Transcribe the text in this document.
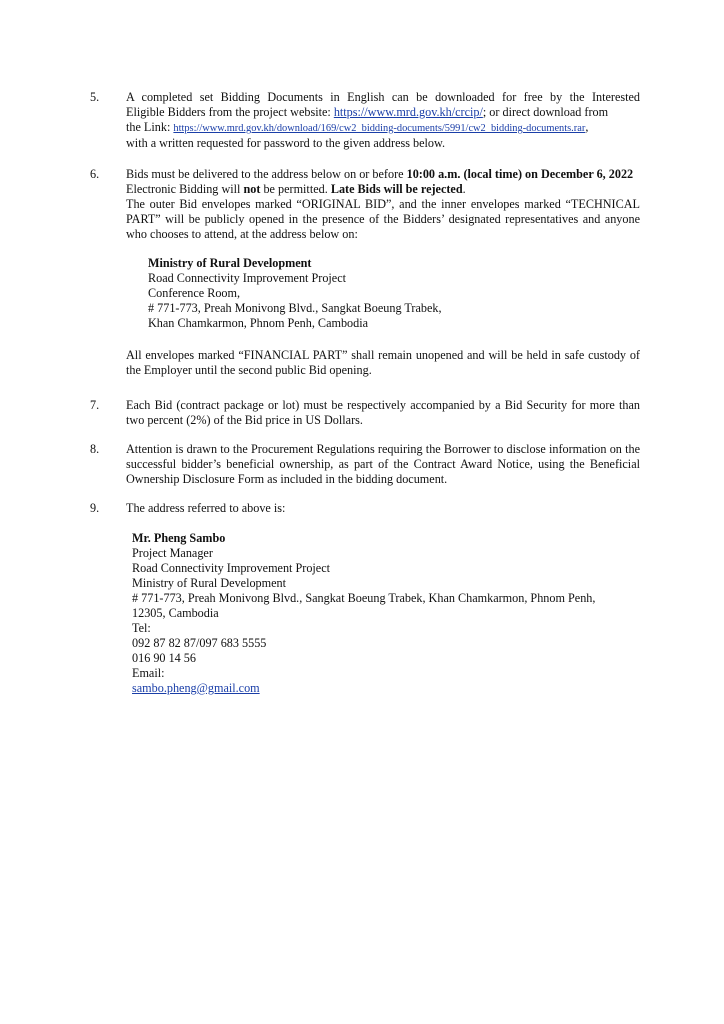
5.	A completed set Bidding Documents in English can be downloaded for free by the Interested
Eligible Bidders from the project website: https://www.mrd.gov.kh/crcip/; or direct download from
the Link: https://www.mrd.gov.kh/download/169/cw2_bidding-documents/5991/cw2_bidding-documents.rar,
with a written requested for password to the given address below.
6.	Bids must be delivered to the address below on or before 10:00 a.m. (local time) on December 6, 2022
Electronic Bidding will not be permitted. Late Bids will be rejected.

The outer Bid envelopes marked “ORIGINAL BID”, and the inner envelopes marked “TECHNICAL PART” will be publicly opened in the presence of the Bidders’ designated representatives and anyone who chooses to attend, at the address below on:

Ministry of Rural Development
Road Connectivity Improvement Project
Conference Room,
# 771-773, Preah Monivong Blvd., Sangkat Boeung Trabek,
Khan Chamkarmon, Phnom Penh, Cambodia

All envelopes marked “FINANCIAL PART” shall remain unopened and will be held in safe custody of the Employer until the second public Bid opening.

7.	Each Bid (contract package or lot) must be respectively accompanied by a Bid Security for more than two percent (2%) of the Bid price in US Dollars.

8.	Attention is drawn to the Procurement Regulations requiring the Borrower to disclose information on the successful bidder’s beneficial ownership, as part of the Contract Award Notice, using the Beneficial Ownership Disclosure Form as included in the bidding document.

9.	The address referred to above is:

Mr. Pheng Sambo
Project Manager
Road Connectivity Improvement Project
Ministry of Rural Development
# 771-773, Preah Monivong Blvd., Sangkat Boeung Trabek, Khan Chamkarmon, Phnom Penh,
12305, Cambodia
Tel:
092 87 82 87/097 683 5555
016 90 14 56
Email:
sambo.pheng@gmail.com
